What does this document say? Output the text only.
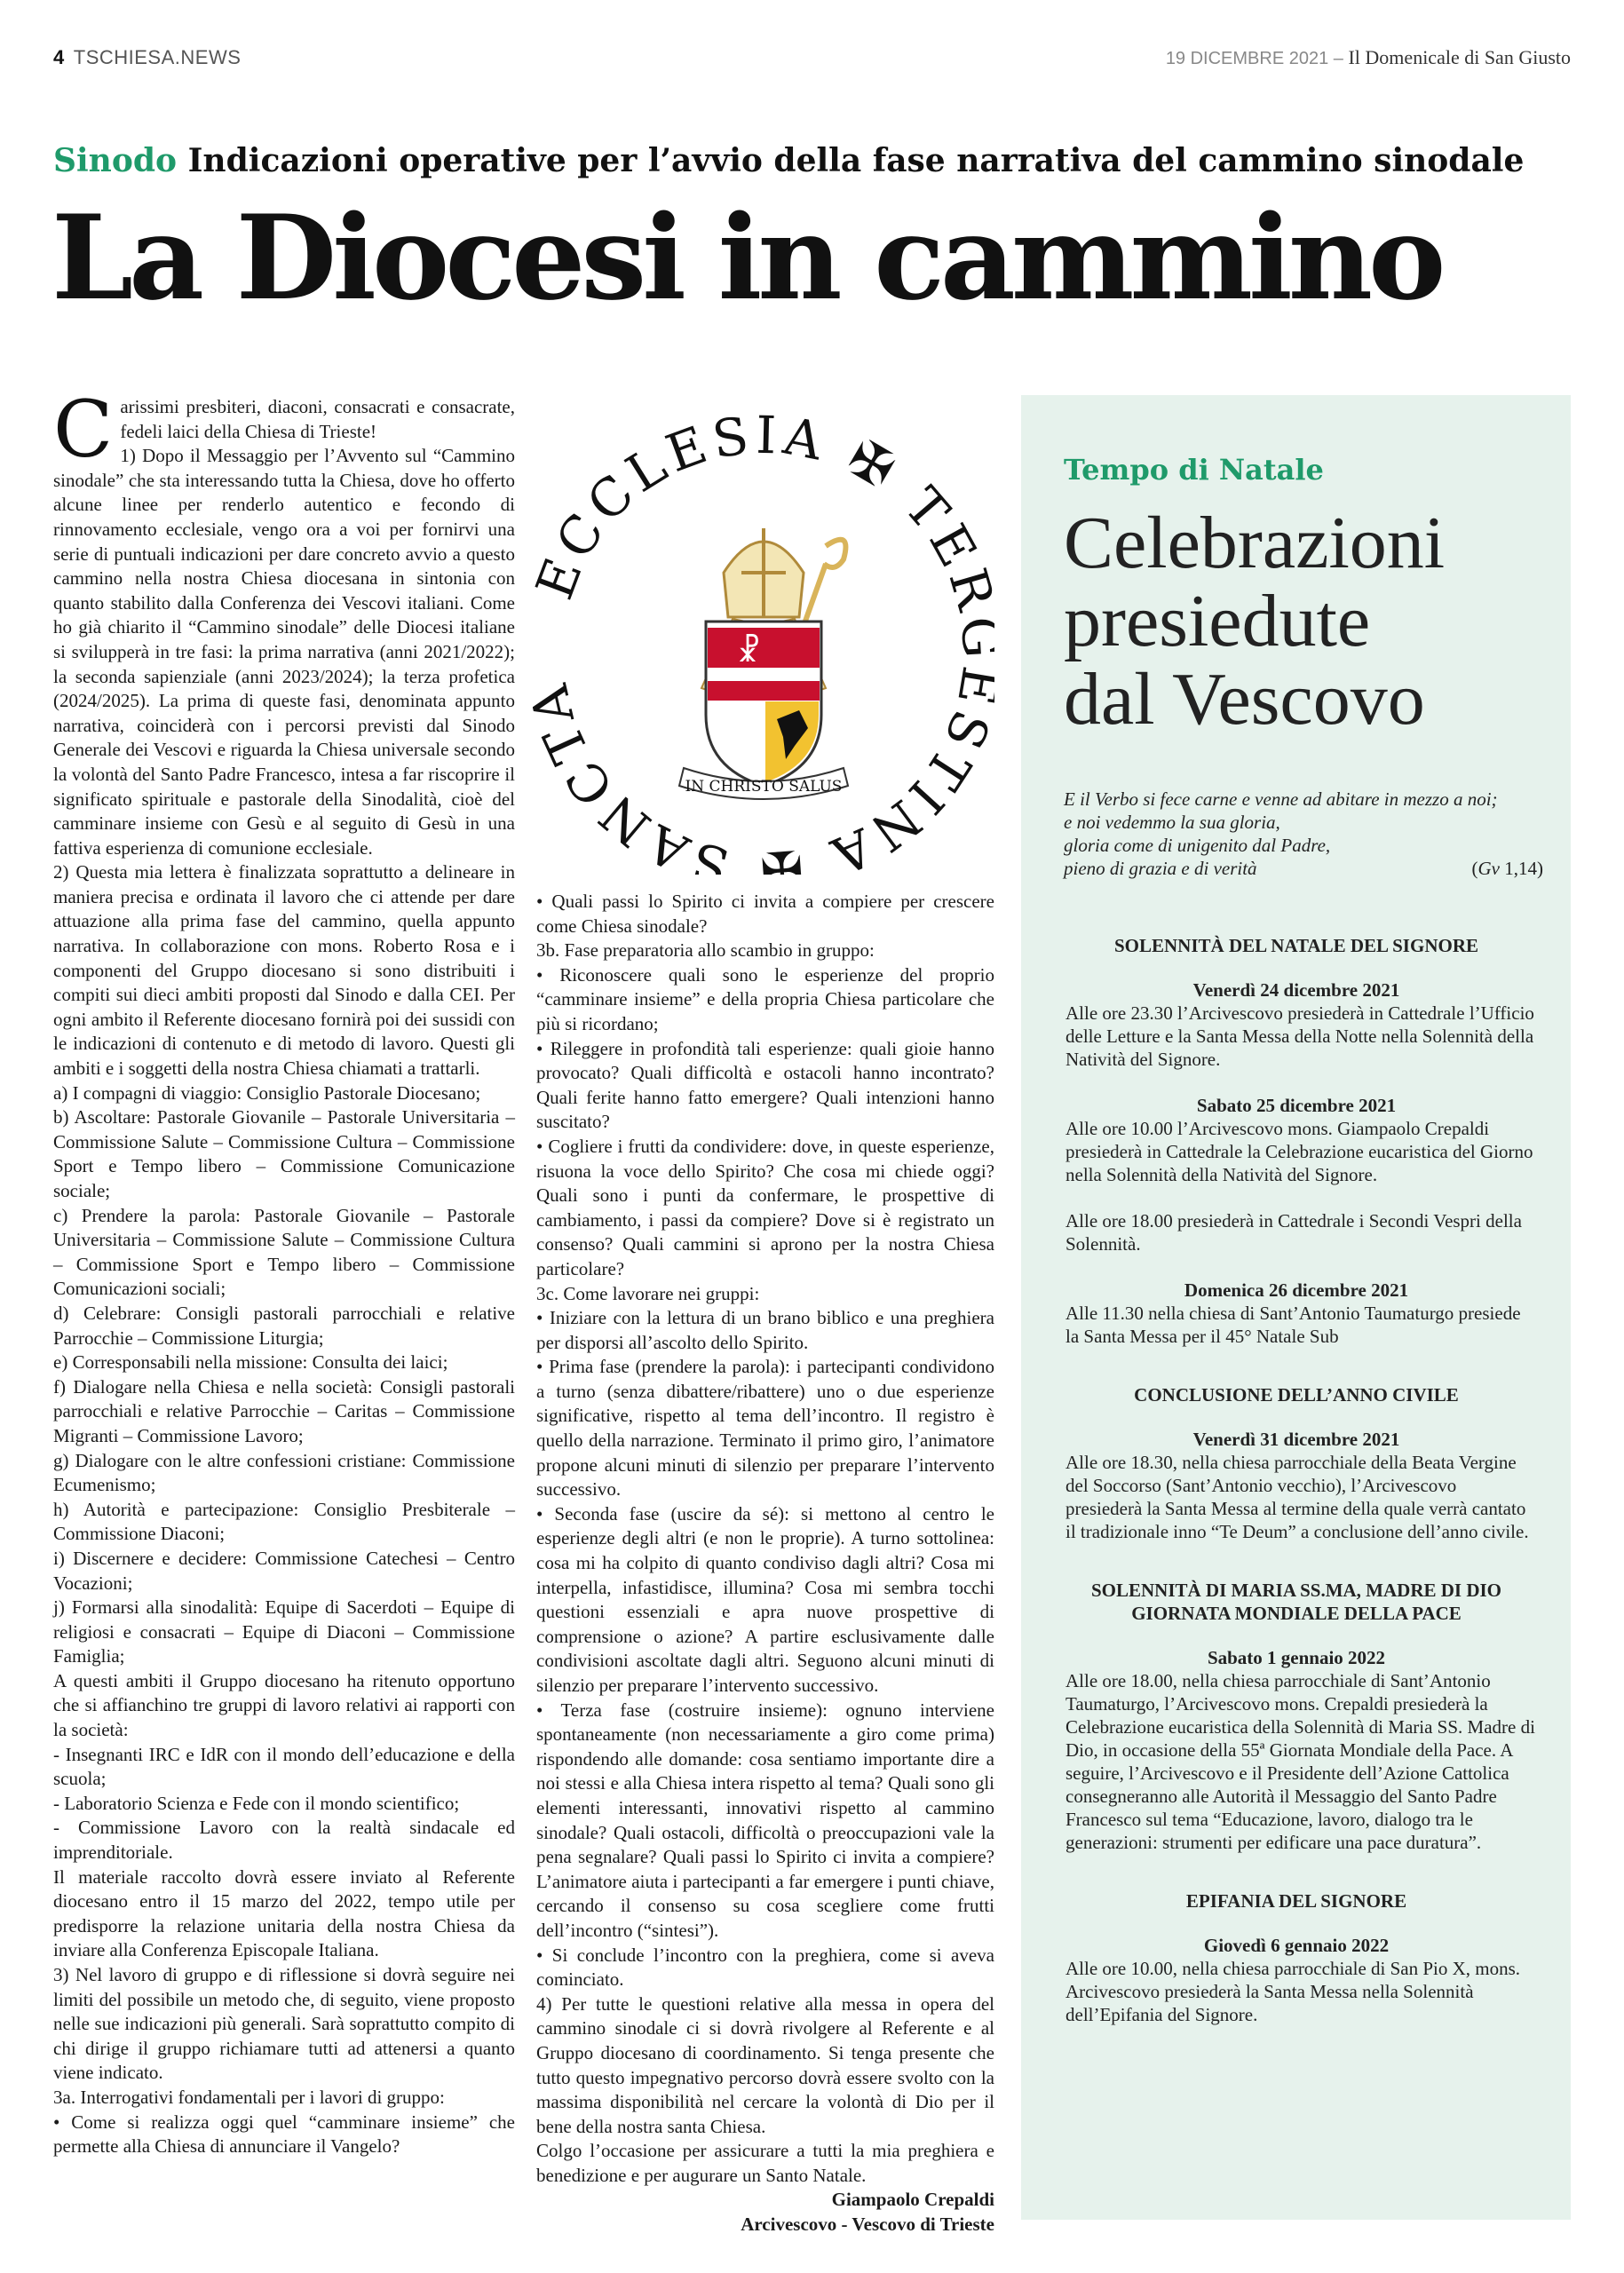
4 TSCHIESA.NEWS	19 DICEMBRE 2021 – Il Domenicale di San Giusto
Sinodo Indicazioni operative per l’avvio della fase narrativa del cammino sinodale
La Diocesi in cammino
C arissimi presbiteri, diaconi, consacrati e consacrate, fedeli laici della Chiesa di Trieste!

1) Dopo il Messaggio per l’Avvento sul “Cammino sinodale” che sta interessando tutta la Chiesa, dove ho offerto alcune linee per renderlo autentico e fecondo di rinnovamento ecclesiale, vengo ora a voi per fornirvi una serie di puntuali indicazioni per dare concreto avvio a questo cammino nella nostra Chiesa diocesana in sintonia con quanto stabilito dalla Conferenza dei Vescovi italiani. Come ho già chiarito il “Cammino sinodale” delle Diocesi italiane si svilupperà in tre fasi: la prima narrativa (anni 2021/2022); la seconda sapienziale (anni 2023/2024); la terza profetica (2024/2025). La prima di queste fasi, denominata appunto narrativa, coinciderà con i percorsi previsti dal Sinodo Generale dei Vescovi e riguarda la Chiesa universale secondo la volontà del Santo Padre Francesco, intesa a far riscoprire il significato spirituale e pastorale della Sinodalità, cioè del camminare insieme con Gesù e al seguito di Gesù in una fattiva esperienza di comunione ecclesiale.

2) Questa mia lettera è finalizzata soprattutto a delineare in maniera precisa e ordinata il lavoro che ci attende per dare attuazione alla prima fase del cammino, quella appunto narrativa. In collaborazione con mons. Roberto Rosa e i componenti del Gruppo diocesano si sono distribuiti i compiti sui dieci ambiti proposti dal Sinodo e dalla CEI. Per ogni ambito il Referente diocesano fornirà poi dei sussidi con le indicazioni di contenuto e di metodo di lavoro. Questi gli ambiti e i soggetti della nostra Chiesa chiamati a trattarli.

a) I compagni di viaggio: Consiglio Pastorale Diocesano;

b) Ascoltare: Pastorale Giovanile – Pastorale Universitaria – Commissione Salute – Commissione Cultura – Commissione Sport e Tempo libero – Commissione Comunicazione sociale;

c) Prendere la parola: Pastorale Giovanile – Pastorale Universitaria – Commissione Salute – Commissione Cultura – Commissione Sport e Tempo libero – Commissione Comunicazioni sociali;

d) Celebrare: Consigli pastorali parrocchiali e relative Parrocchie – Commissione Liturgia;

e) Corresponsabili nella missione: Consulta dei laici;

f) Dialogare nella Chiesa e nella società: Consigli pastorali parrocchiali e relative Parrocchie – Caritas – Commissione Migranti – Commissione Lavoro;

g) Dialogare con le altre confessioni cristiane: Commissione Ecumenismo;

h) Autorità e partecipazione: Consiglio Presbiterale – Commissione Diaconi;

i) Discernere e decidere: Commissione Catechesi – Centro Vocazioni;

j) Formarsi alla sinodalità: Equipe di Sacerdoti – Equipe di religiosi e consacrati – Equipe di Diaconi – Commissione Famiglia;

A questi ambiti il Gruppo diocesano ha ritenuto opportuno che si affianchino tre gruppi di lavoro relativi ai rapporti con la società:

- Insegnanti IRC e IdR con il mondo dell’educazione e della scuola;

- Laboratorio Scienza e Fede con il mondo scientifico;

- Commissione Lavoro con la realtà sindacale ed imprenditoriale.

Il materiale raccolto dovrà essere inviato al Referente diocesano entro il 15 marzo del 2022, tempo utile per predisporre la relazione unitaria della nostra Chiesa da inviare alla Conferenza Episcopale Italiana.

3) Nel lavoro di gruppo e di riflessione si dovrà seguire nei limiti del possibile un metodo che, di seguito, viene proposto nelle sue indicazioni più generali. Sarà soprattutto compito di chi dirige il gruppo richiamare tutti ad attenersi a quanto viene indicato.

3a. Interrogativi fondamentali per i lavori di gruppo:

• Come si realizza oggi quel “camminare insieme” che permette alla Chiesa di annunciare il Vangelo?

CCLESIA ✠ TE TINA ✠ SANCT
☧
IN CHRISTO SALUS

• Quali passi lo Spirito ci invita a compiere per crescere come Chiesa sinodale?

3b. Fase preparatoria allo scambio in gruppo:

• Riconoscere quali sono le esperienze del proprio “camminare insieme” e della propria Chiesa particolare che più si ricordano;

• Rileggere in profondità tali esperienze: quali gioie hanno provocato? Quali difficoltà e ostacoli hanno incontrato? Quali ferite hanno fatto emergere? Quali intenzioni hanno suscitato?

• Cogliere i frutti da condividere: dove, in queste esperienze, risuona la voce dello Spirito? Che cosa mi chiede oggi? Quali sono i punti da confermare, le prospettive di cambiamento, i passi da compiere? Dove si è registrato un consenso? Quali cammini si aprono per la nostra Chiesa particolare?

3c. Come lavorare nei gruppi:

• Iniziare con la lettura di un brano biblico e una preghiera per disporsi all’ascolto dello Spirito.

• Prima fase (prendere la parola): i partecipanti condividono a turno (senza dibattere/ribattere) uno o due esperienze significative, rispetto al tema dell’incontro. Il registro è quello della narrazione. Terminato il primo giro, l’animatore propone alcuni minuti di silenzio per preparare l’intervento successivo.

• Seconda fase (uscire da sé): si mettono al centro le esperienze degli altri (e non le proprie). A turno sottolinea: cosa mi ha colpito di quanto condiviso dagli altri? Cosa mi interpella, infastidisce, illumina? Cosa mi sembra tocchi questioni essenziali e apra nuove prospettive di comprensione o azione? A partire esclusivamente dalle condivisioni ascoltate dagli altri. Seguono alcuni minuti di silenzio per preparare l’intervento successivo.

• Terza fase (costruire insieme): ognuno interviene spontaneamente (non necessariamente a giro come prima) rispondendo alle domande: cosa sentiamo importante dire a noi stessi e alla Chiesa intera rispetto al tema? Quali sono gli elementi interessanti, innovativi rispetto al cammino sinodale? Quali ostacoli, difficoltà o preoccupazioni vale la pena segnalare? Quali passi lo Spirito ci invita a compiere? L’animatore aiuta i partecipanti a far emergere i punti chiave, cercando il consenso su cosa scegliere come frutti dell’incontro (“sintesi”).

• Si conclude l’incontro con la preghiera, come si aveva cominciato.

4) Per tutte le questioni relative alla messa in opera del cammino sinodale ci si dovrà rivolgere al Referente e al Gruppo diocesano di coordinamento. Si tenga presente che tutto questo impegnativo percorso dovrà essere svolto con la massima disponibilità nel cercare la volontà di Dio per il bene della nostra santa Chiesa.

Colgo l’occasione per assicurare a tutti la mia preghiera e benedizione e per augurare un Santo Natale.

Giampaolo Crepaldi

Arcivescovo - Vescovo di Trieste

Tempo di Natale
Celebrazioni
presiedute
dal Vescovo
E il Verbo si fece carne e venne ad abitare in mezzo a noi;
e noi vedemmo la sua gloria,
gloria come di unigenito dal Padre,
pieno di grazia e di verità	(Gv 1,14)

SOLENNITÀ DEL NATALE DEL SIGNORE

Venerdì 24 dicembre 2021

Alle ore 23.30 l’Arcivescovo presiederà in Cattedrale l’Ufficio delle Letture e la Santa Messa della Notte nella Solennità della Natività del Signore.

Sabato 25 dicembre 2021

Alle ore 10.00 l’Arcivescovo mons. Giampaolo Crepaldi presiederà in Cattedrale la Celebrazione eucaristica del Giorno nella Solennità della Natività del Signore.

Alle ore 18.00 presiederà in Cattedrale i Secondi Vespri della Solennità.

Domenica 26 dicembre 2021

Alle 11.30 nella chiesa di Sant’Antonio Taumaturgo presiede la Santa Messa per il 45° Natale Sub

CONCLUSIONE DELL’ANNO CIVILE

Venerdì 31 dicembre 2021

Alle ore 18.30, nella chiesa parrocchiale della Beata Vergine del Soccorso (Sant’Antonio vecchio), l’Arcivescovo presiederà la Santa Messa al termine della quale verrà cantato il tradizionale inno “Te Deum” a conclusione dell’anno civile.

SOLENNITÀ DI MARIA SS.MA, MADRE DI DIO GIORNATA MONDIALE DELLA PACE

Sabato 1 gennaio 2022

Alle ore 18.00, nella chiesa parrocchiale di Sant’Antonio Taumaturgo, l’Arcivescovo mons. Crepaldi presiederà la Celebrazione eucaristica della Solennità di Maria SS. Madre di Dio, in occasione della 55ª Giornata Mondiale della Pace. A seguire, l’Arcivescovo e il Presidente dell’Azione Cattolica consegneranno alle Autorità il Messaggio del Santo Padre Francesco sul tema “Educazione, lavoro, dialogo tra le generazioni: strumenti per edificare una pace duratura”.

EPIFANIA DEL SIGNORE

Giovedì 6 gennaio 2022

Alle ore 10.00, nella chiesa parrocchiale di San Pio X, mons. Arcivescovo presiederà la Santa Messa nella Solennità dell’Epifania del Signore.
